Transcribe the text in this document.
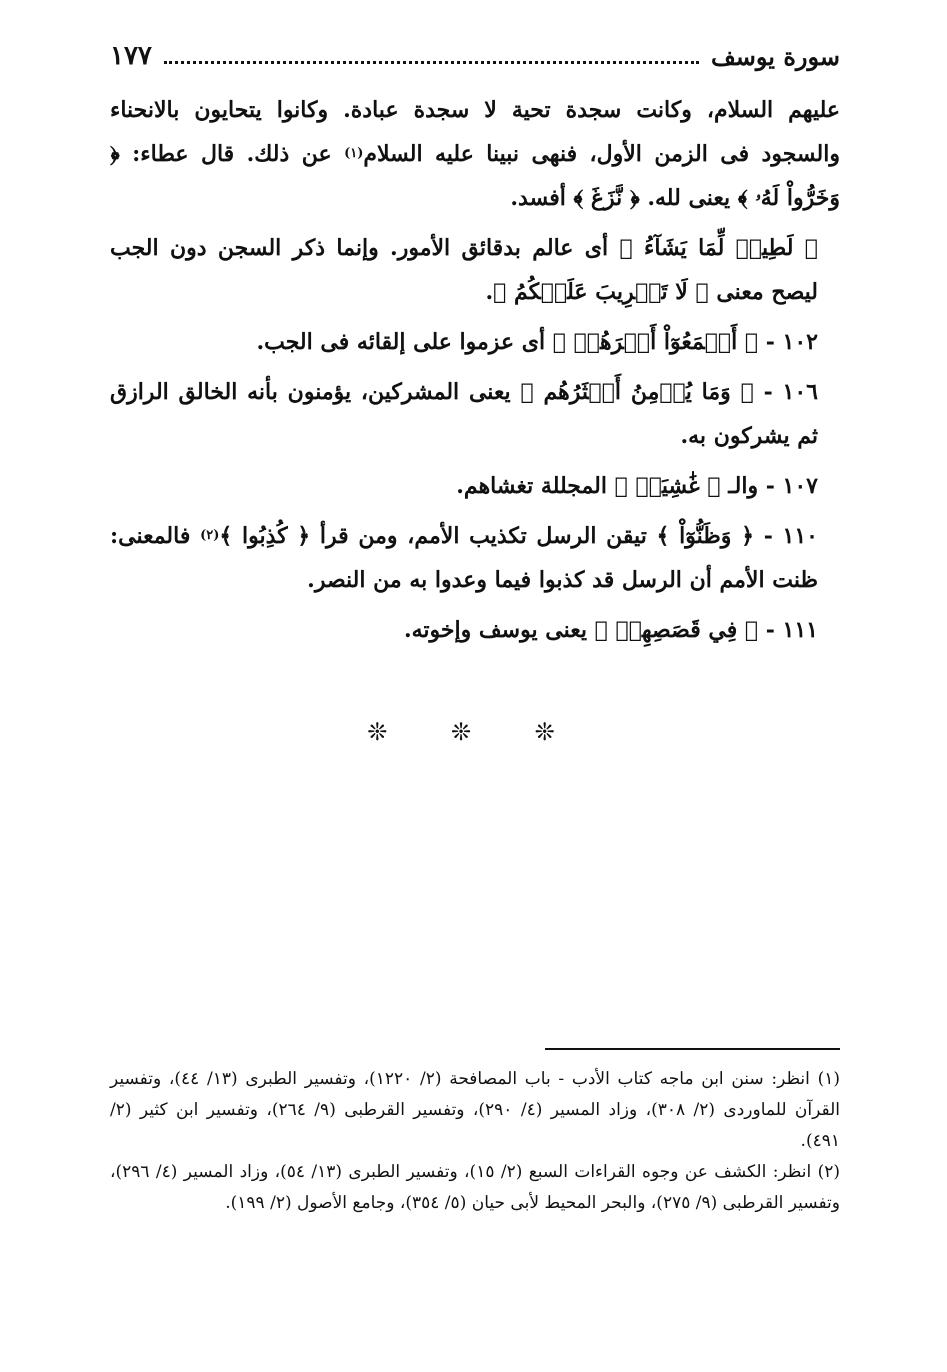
سورة يوسف
١٧٧

عليهم السلام، وكانت سجدة تحية لا سجدة عبادة. وكانوا يتحايون بالانحناء والسجود فى الزمن الأول، فنهى نبينا عليه السلام$^{(١)}$ عن ذلك. قال عطاء: ﴿ وَخَرُّواْ لَهُۥ ﴾ يعنى لله. ﴿ نَّزَغَ ﴾ أفسد.

﴿ لَطِيفٞ لِّمَا يَشَآءُ ﴾ أى عالم بدقائق الأمور. وإنما ذكر السجن دون الجب ليصح معنى ﴿ لَا تَثۡرِيبَ عَلَيۡكُمُ ﴾.

١٠٢ - ﴿ أَجۡمَعُوٓاْ أَمۡرَهُمۡ ﴾ أى عزموا على إلقائه فى الجب.

١٠٦ - ﴿ وَمَا يُؤۡمِنُ أَكۡثَرُهُم ﴾ يعنى المشركين، يؤمنون بأنه الخالق الرازق ثم يشركون به.

١٠٧ - والـ ﴿ غَٰشِيَةٞ ﴾ المجللة تغشاهم.

١١٠ - ﴿ وَظَنُّوٓاْ ﴾ تيقن الرسل تكذيب الأمم، ومن قرأ ﴿ كُذِبُوا ﴾$^{(٢)}$ فالمعنى: ظنت الأمم أن الرسل قد كذبوا فيما وعدوا به من النصر.

١١١ - ﴿ فِي قَصَصِهِمۡ ﴾ يعنى يوسف وإخوته.

❊ ❊ ❊

(١) انظر: سنن ابن ماجه كتاب الأدب - باب المصافحة (٢/ ١٢٢٠)، وتفسير الطبرى (١٣/ ٤٤)، وتفسير القرآن للماوردى (٢/ ٣٠٨)، وزاد المسير (٤/ ٢٩٠)، وتفسير القرطبى (٩/ ٢٦٤)، وتفسير ابن كثير (٢/ ٤٩١).

(٢) انظر: الكشف عن وجوه القراءات السبع (٢/ ١٥)، وتفسير الطبرى (١٣/ ٥٤)، وزاد المسير (٤/ ٢٩٦)، وتفسير القرطبى (٩/ ٢٧٥)، والبحر المحيط لأبى حيان (٥/ ٣٥٤)، وجامع الأصول (٢/ ١٩٩).
